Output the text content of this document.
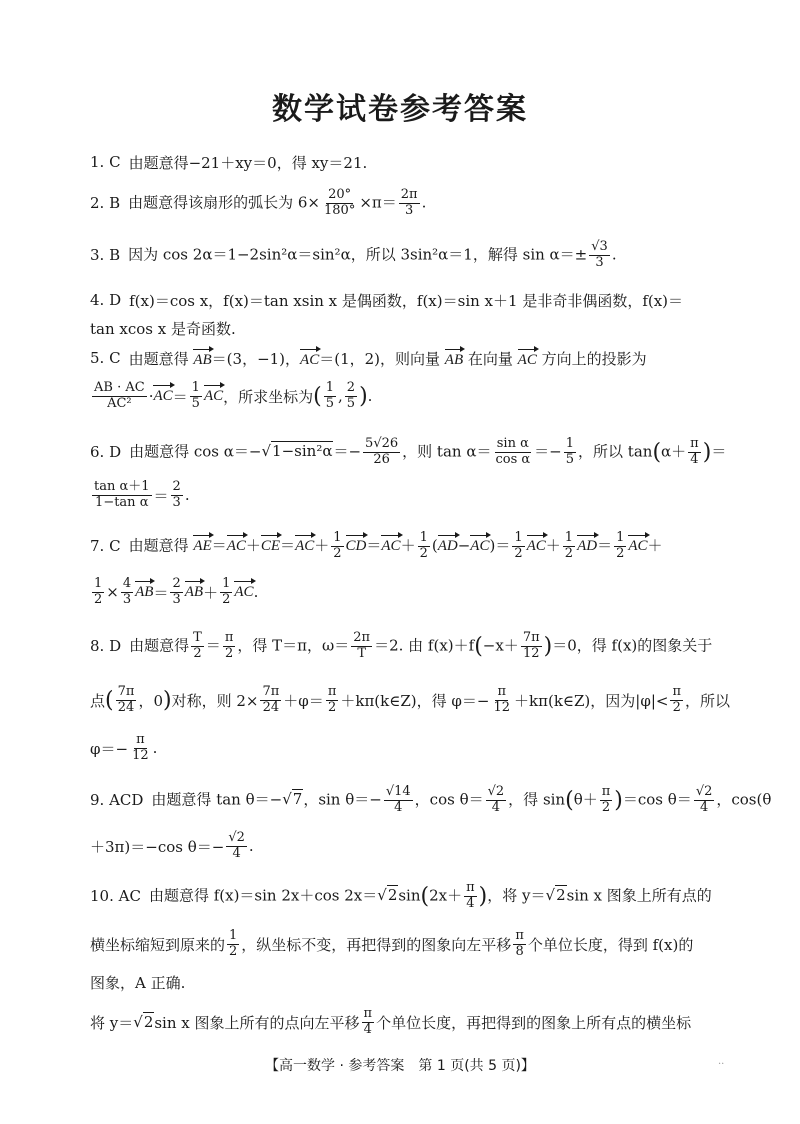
数学试卷参考答案
1. C 由题意得−21＋xy＝0，得 xy＝21.
2. B 由题意得该扇形的弧长为 $6\times \frac{20^\circ}{180^\circ} \times\pi= \frac{2\pi}{3}$ .
3. B 因为 cos 2α＝1−2sin²α＝sin²α，所以 3sin²α＝1，解得 $\sin \alpha=\pm \frac{√3}{3}$ .
4. D f(x)＝cos x，f(x)＝tan xsin x 是偶函数，f(x)＝sin x＋1 是非奇非偶函数，f(x)＝
tan xcos x 是奇函数.
5. C 由题意得 AB＝(3，−1)，AC＝(1，2)，则向量 AB 在向量 AC 方向上的投影为
$\frac{AB \cdot AC}{\text{AC²}}$ · AC ＝ $\frac{1}{5}$ AC ，所求坐标为 ( $\frac{1}{5}$ , $\frac{2}{5}$ ) .
6. D 由题意得 $\cos \alpha=-√1-\sin^2\alpha=- \frac{5√26}{26}$ ，则 $\tan \alpha= \frac{\text{sin α}}{\text{cos α}} =- \frac{1}{5}$ ，所以 $\tan(\alpha+ \frac{\pi}{4}$ )＝
$\frac{\text{tan α＋1}}{\text{1−tan α}} = \frac{2}{3}$ .
7. C 由题意得 $AE=AC+CE=AC+ \frac{1}{2} CD=AC+ \frac{1}{2} (AD-AC)= \frac{1}{2} AC+ \frac{1}{2} AD= \frac{1}{2} AC+$
$\frac{1}{2} \times \frac{4}{3}$ AB ＝ $\frac{2}{3}$ AB ＋ $\frac{1}{2}$ AC .
8. D 由题意得 $\frac{T}{2} = \frac{\pi}{2}$ ，得 T＝π，$\omega= \frac{2\pi}{T} =2$. 由 $f(x)+f(-x+ \frac{7\pi}{12} )=0$，得 f(x)的图象关于
点 ( $\frac{7\pi}{24}$ ，0 ) 对称，则 $2\times \frac{7\pi}{24} +\varphi= \frac{\pi}{2}$ ＋kπ(k∈Z)，得 $\varphi=- \frac{\pi}{12}$ ＋kπ(k∈Z)，因为$|\varphi|< \frac{\pi}{2}$ ，所以
$\varphi=- \frac{\pi}{12}$ .
9. ACD 由题意得 tan θ＝−√7，$\sin \theta=- \frac{√14}{4}$ ，$\cos \theta= \frac{√2}{4}$ ，得 $\sin(\theta+ \frac{\pi}{2} )=\cos$ $\theta= \frac{√2}{4}$ ，cos(θ
＋3π)＝−cos $\theta=- \frac{√2}{4}$ .
10. AC 由题意得 f(x)＝sin 2x＋cos $2x=√2\sin(2x+ \frac{\pi}{4}$ )，将 y＝√2sin x 图象上所有点的
横坐标缩短到原来的 $\frac{1}{2}$ ，纵坐标不变，再把得到的图象向左平移 $\frac{\pi}{8}$ 个单位长度，得到 f(x)的
图象，A 正确.
将 y＝ √2 sin x 图象上所有的点向左平移 $\frac{\pi}{4}$ 个单位长度，再把得到的图象上所有点的横坐标
【高一数学 · 参考答案　第 1 页(共 5 页)】	..
